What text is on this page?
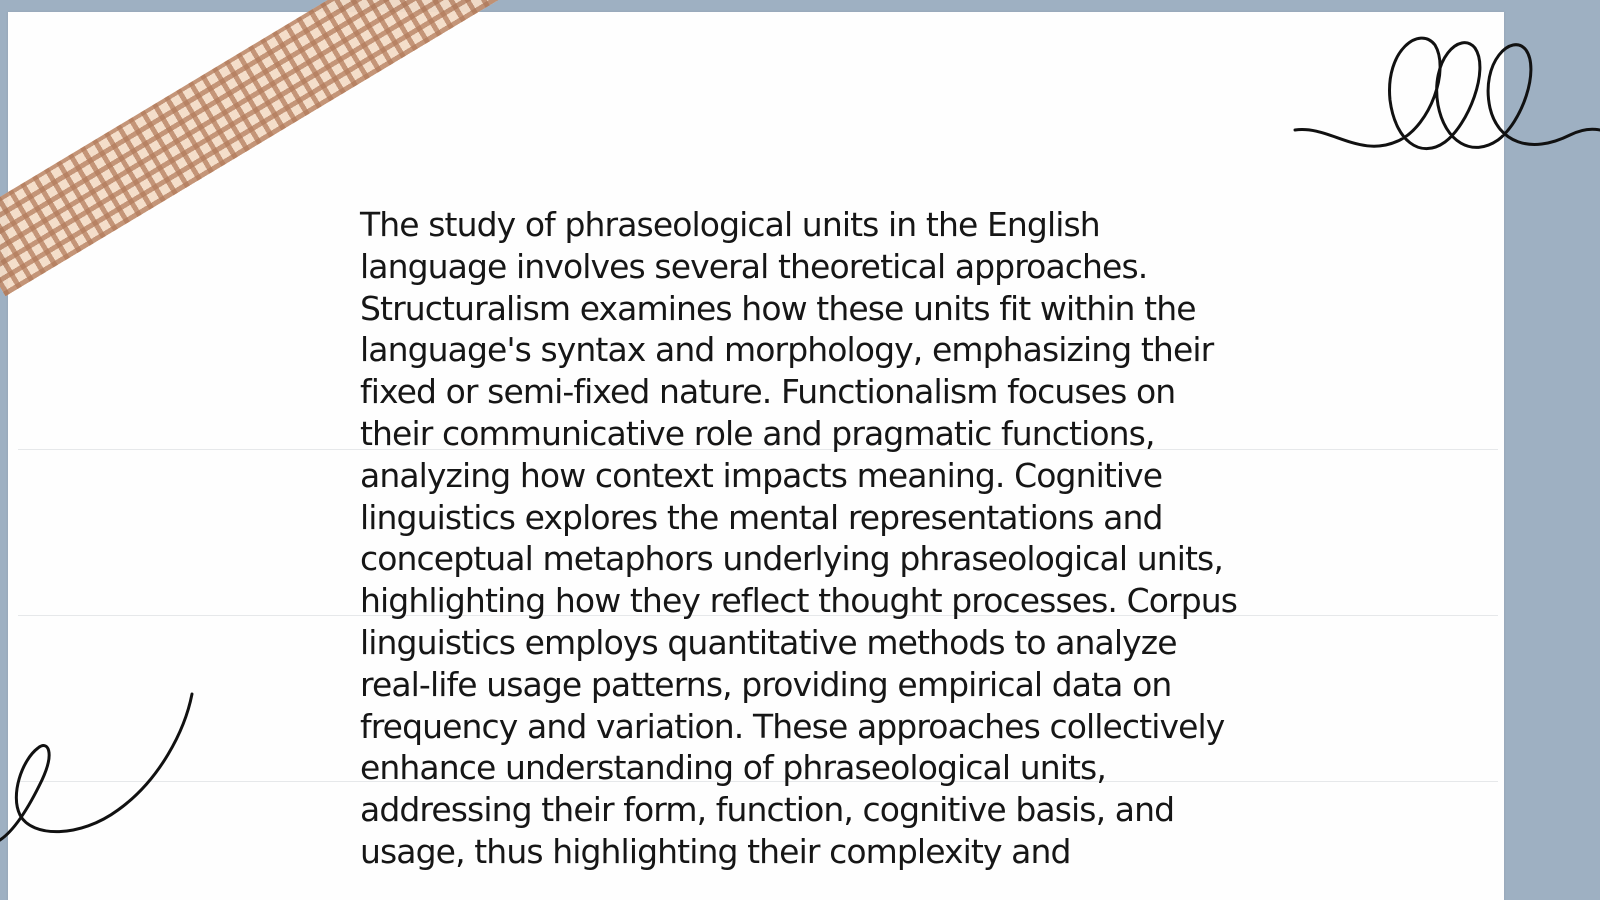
The study of phraseological units in the English language involves several theoretical approaches. Structuralism examines how these units fit within the language's syntax and morphology, emphasizing their fixed or semi-fixed nature. Functionalism focuses on their communicative role and pragmatic functions, analyzing how context impacts meaning. Cognitive linguistics explores the mental representations and conceptual metaphors underlying phraseological units, highlighting how they reflect thought processes. Corpus linguistics employs quantitative methods to analyze real-life usage patterns, providing empirical data on frequency and variation. These approaches collectively enhance understanding of phraseological units, addressing their form, function, cognitive basis, and usage, thus highlighting their complexity and
